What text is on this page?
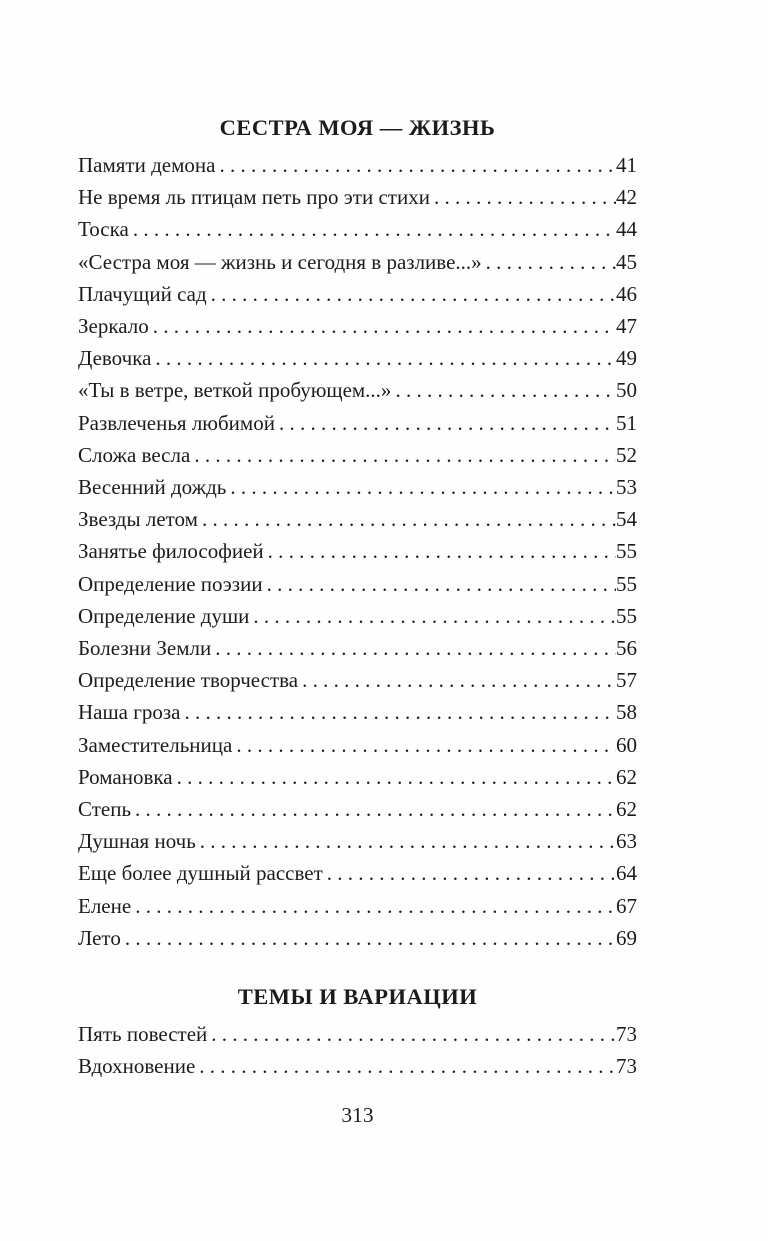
СЕСТРА МОЯ — ЖИЗНЬ
Памяти демона . . .	41
Не время ль птицам петь про эти стихи . . .	42
Тоска . . .	44
«Сестра моя — жизнь и сегодня в разливе...» . . .	45
Плачущий сад . . .	46
Зеркало . . .	47
Девочка . . .	49
«Ты в ветре, веткой пробующем...» . . .	50
Развлеченья любимой . . .	51
Сложа весла . . .	52
Весенний дождь . . .	53
Звезды летом . . .	54
Занятье философией . . .	55
Определение поэзии . . .	55
Определение души . . .	55
Болезни Земли . . .	56
Определение творчества . . .	57
Наша гроза . . .	58
Заместительница . . .	60
Романовка . . .	62
Степь . . .	62
Душная ночь . . .	63
Еще более душный рассвет . . .	64
Елене . . .	67
Лето . . .	69
ТЕМЫ И ВАРИАЦИИ
Пять повестей . . .	73
Вдохновение . . .	73
313
